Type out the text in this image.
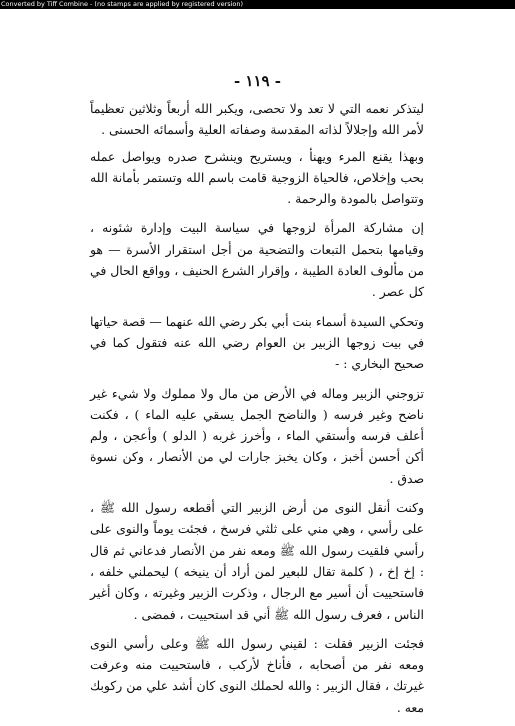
Converted by Tiff Combine - (no stamps are applied by registered version)
- ١١٩ -

ليتذكر نعمه التي لا تعد ولا تحصى، ويكبر الله أربعاً وثلاثين تعظيماً لأمر الله وإجلالاً لذاته المقدسة وصفاته العلية وأسمائه الحسنى .

وبهذا يقنع المرء ويهنأ ، ويستريح وينشرح صدره ويواصل عمله بحب وإخلاص، فالحياة الزوجية قامت باسم الله وتستمر بأمانة الله وتتواصل بالمودة والرحمة .

إن مشاركة المرأة لزوجها في سياسة البيت وإدارة شئونه ، وقيامها بتحمل التبعات والتضحية من أجل استقرار الأسرة — هو من مألوف العادة الطيبة ، وإقرار الشرع الحنيف ، وواقع الحال في كل عصر .

وتحكي السيدة أسماء بنت أبي بكر رضي الله عنهما — قصة حياتها في بيت زوجها الزبير بن العوام رضي الله عنه فتقول كما في صحيح البخاري : -

تزوجني الزبير وماله في الأرض من مال ولا مملوك ولا شيء غير ناضح وغير فرسه ( والناضح الجمل يسقي عليه الماء ) ، فكنت أعلف فرسه وأستقي الماء ، وأخرز غربه ( الدلو ) وأعجن ، ولم أكن أحسن أخبز ، وكان يخبز جارات لي من الأنصار ، وكن نسوة صدق .

وكنت أنقل النوى من أرض الزبير التي أقطعه رسول الله ﷺ ، على رأسي ، وهي مني على ثلثي فرسخ ، فجئت يوماً والنوى على رأسي فلقيت رسول الله ﷺ ومعه نفر من الأنصار فدعاني ثم قال : إخ إخ ، ( كلمة تقال للبعير لمن أراد أن ينيخه ) ليحملني خلفه ، فاستحييت أن أسير مع الرجال ، وذكرت الزبير وغيرته ، وكان أغير الناس ، فعرف رسول الله ﷺ أني قد استحييت ، فمضى .

فجئت الزبير فقلت : لقيني رسول الله ﷺ وعلى رأسي النوى ومعه نفر من أصحابه ، فأناخ لأركب ، فاستحييت منه وعرفت غيرتك ، فقال الزبير : والله لحملك النوى كان أشد علي من ركوبك معه .
